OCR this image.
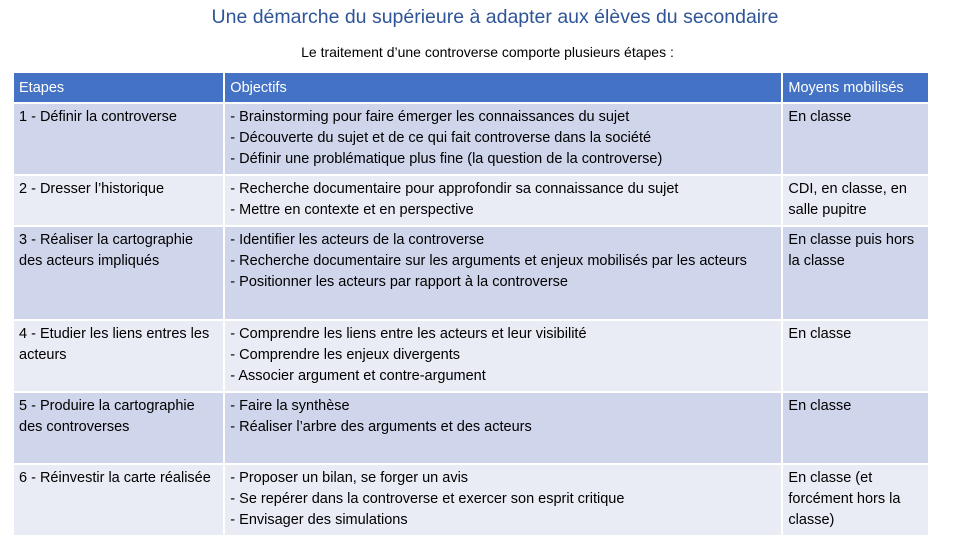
Une démarche du supérieure à adapter aux élèves du secondaire
Le traitement d’une controverse comporte plusieurs étapes :
Etapes	Objectifs	Moyens mobilisés
1 - Définir la controverse	- Brainstorming pour faire émerger les connaissances du sujet
- Découverte du sujet et de ce qui fait controverse dans la société
- Définir une problématique plus fine (la question de la controverse)	En classe
2 - Dresser l’historique	- Recherche documentaire pour approfondir sa connaissance du sujet
- Mettre en contexte et en perspective	CDI, en classe, en salle pupitre
3 - Réaliser la cartographie des acteurs impliqués	- Identifier les acteurs de la controverse
- Recherche documentaire sur les arguments et enjeux mobilisés par les acteurs
- Positionner les acteurs par rapport à la controverse	En classe puis hors la classe
4 - Etudier les liens entres les acteurs	- Comprendre les liens entre les acteurs et leur visibilité
- Comprendre les enjeux divergents
- Associer argument et contre-argument	En classe
5 - Produire la cartographie des controverses	- Faire la synthèse
- Réaliser l’arbre des arguments et des acteurs	En classe
6 - Réinvestir la carte réalisée	- Proposer un bilan, se forger un avis
- Se repérer dans la controverse et exercer son esprit critique
- Envisager des simulations	En classe (et forcément hors la classe)
